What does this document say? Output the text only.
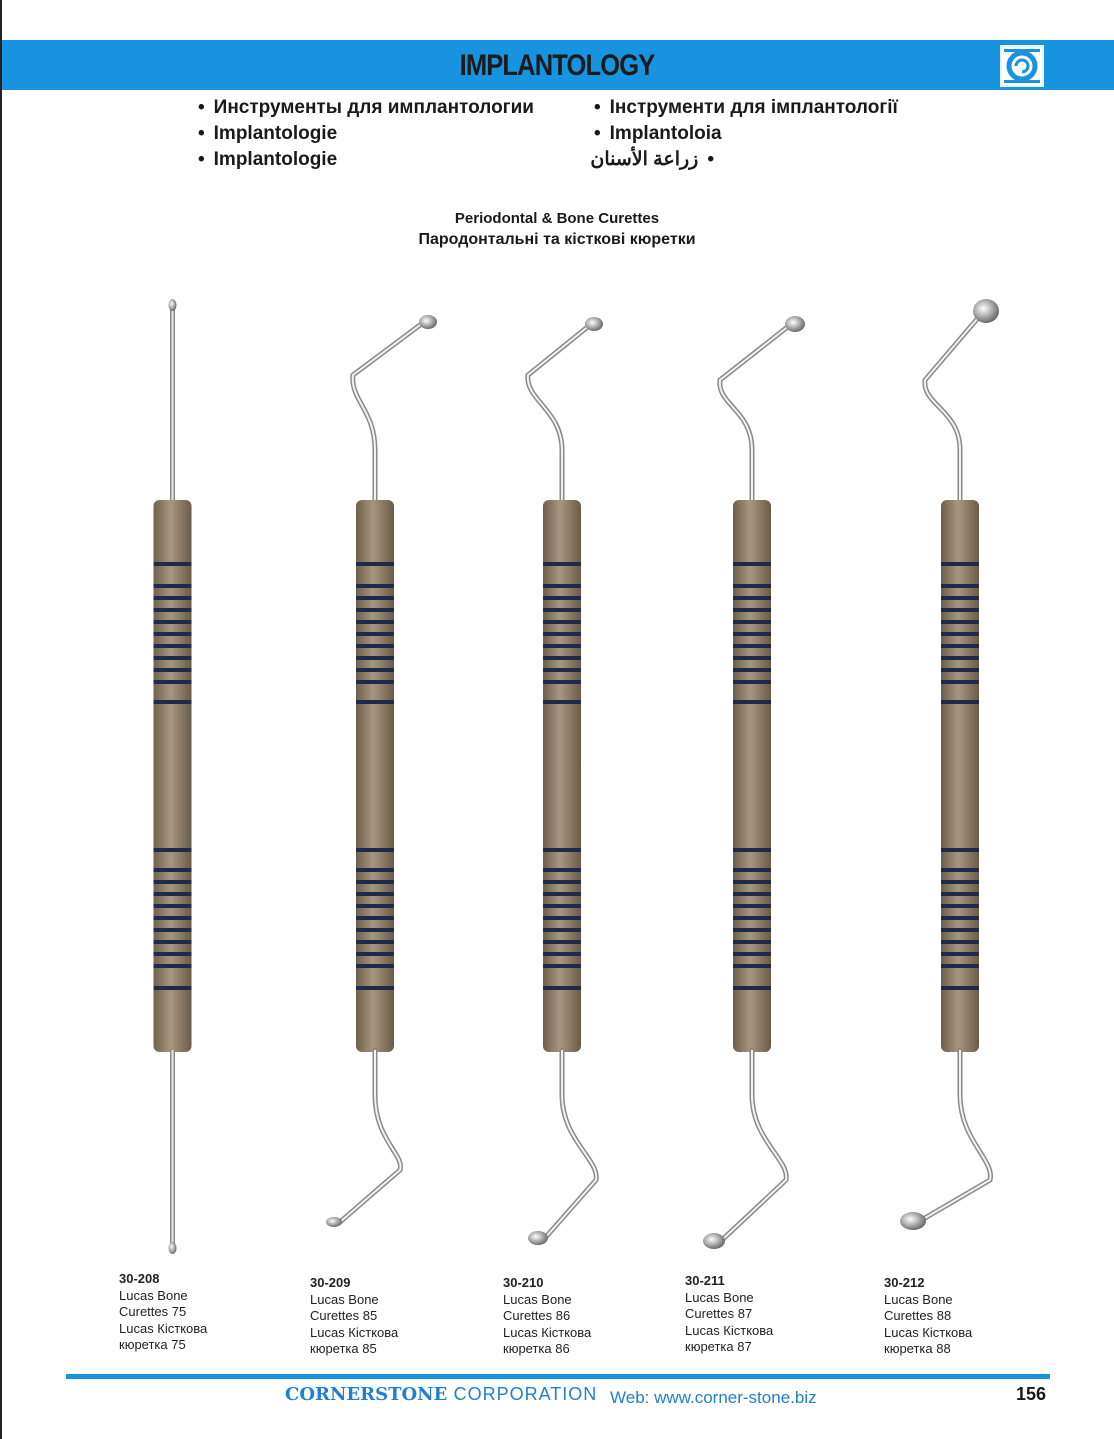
IMPLANTOLOGY
• Инструменты для имплантологии
• Implantologie
• Implantologie
• Інструменти для імплантології
• Implantoloia
• زراعة الأسنان
Periodontal & Bone Curettes
Пародонтальні та кісткові кюретки
30-208
Lucas Bone
Curettes 75
Lucas Кісткова
кюретка 75
30-209
Lucas Bone
Curettes 85
Lucas Кісткова
кюретка 85
30-210
Lucas Bone
Curettes 86
Lucas Кісткова
кюретка 86
30-211
Lucas Bone
Curettes 87
Lucas Кісткова
кюретка 87
30-212
Lucas Bone
Curettes 88
Lucas Кісткова
кюретка 88
CORNERSTONE CORPORATION Web: www.corner-stone.biz	156
